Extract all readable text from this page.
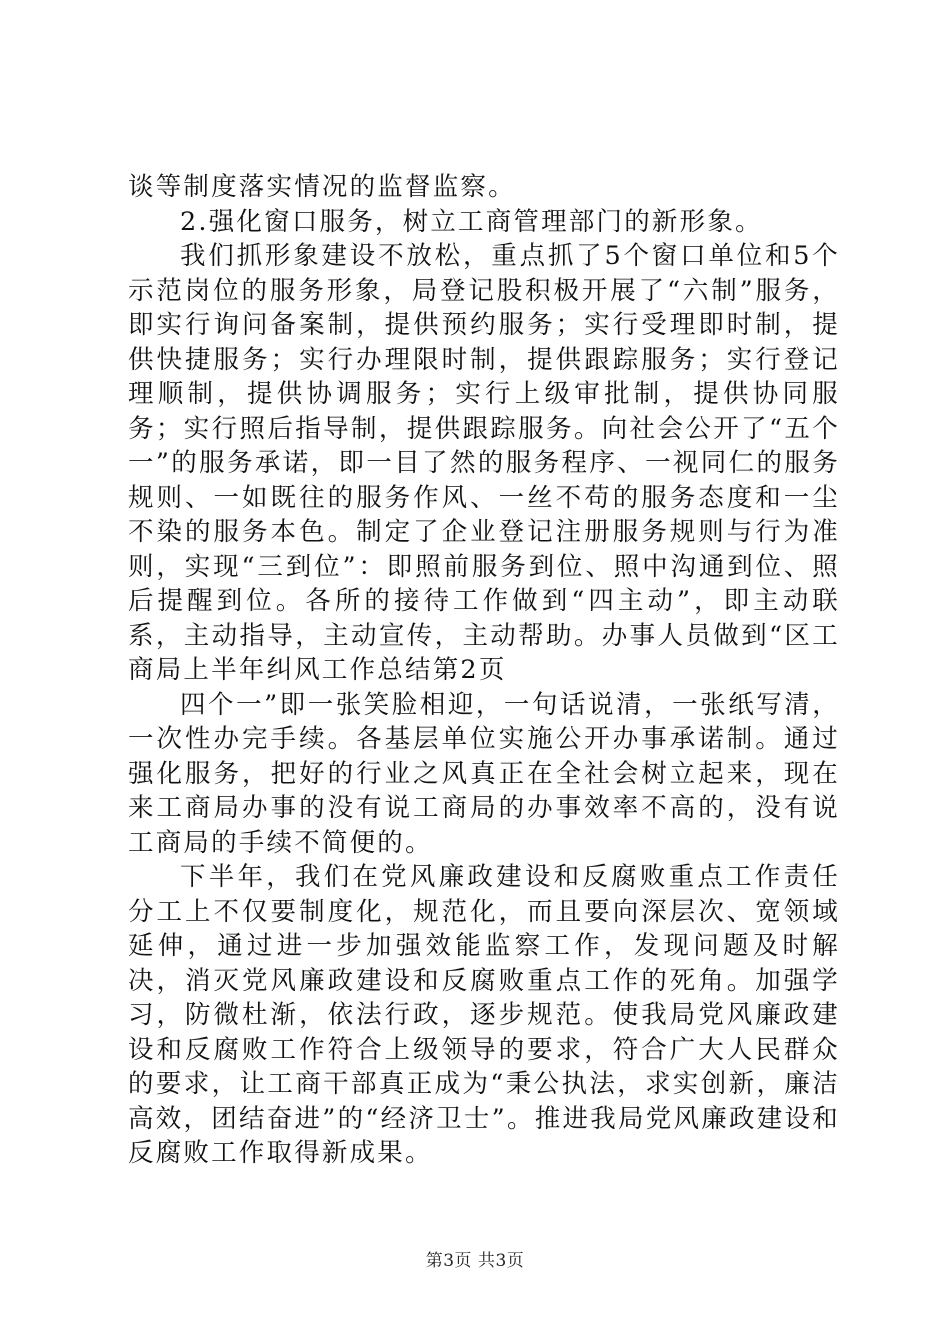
谈等制度落实情况的监督监察。

2.强化窗口服务，树立工商管理部门的新形象。

我们抓形象建设不放松，重点抓了5个窗口单位和5个示范岗位的服务形象，局登记股积极开展了“六制”服务，即实行询问备案制，提供预约服务；实行受理即时制，提供快捷服务；实行办理限时制，提供跟踪服务；实行登记理顺制，提供协调服务；实行上级审批制，提供协同服务；实行照后指导制，提供跟踪服务。向社会公开了“五个一”的服务承诺，即一目了然的服务程序、一视同仁的服务规则、一如既往的服务作风、一丝不苟的服务态度和一尘不染的服务本色。制定了企业登记注册服务规则与行为准则，实现“三到位”：即照前服务到位、照中沟通到位、照后提醒到位。各所的接待工作做到“四主动”，即主动联系，主动指导，主动宣传，主动帮助。办事人员做到“区工商局上半年纠风工作总结第2页

四个一”即一张笑脸相迎，一句话说清，一张纸写清，一次性办完手续。各基层单位实施公开办事承诺制。通过强化服务，把好的行业之风真正在全社会树立起来，现在来工商局办事的没有说工商局的办事效率不高的，没有说工商局的手续不简便的。

下半年，我们在党风廉政建设和反腐败重点工作责任分工上不仅要制度化，规范化，而且要向深层次、宽领域延伸，通过进一步加强效能监察工作，发现问题及时解决，消灭党风廉政建设和反腐败重点工作的死角。加强学习，防微杜渐，依法行政，逐步规范。使我局党风廉政建设和反腐败工作符合上级领导的要求，符合广大人民群众的要求，让工商干部真正成为“秉公执法，求实创新，廉洁高效，团结奋进”的“经济卫士”。推进我局党风廉政建设和反腐败工作取得新成果。

第3页 共3页
